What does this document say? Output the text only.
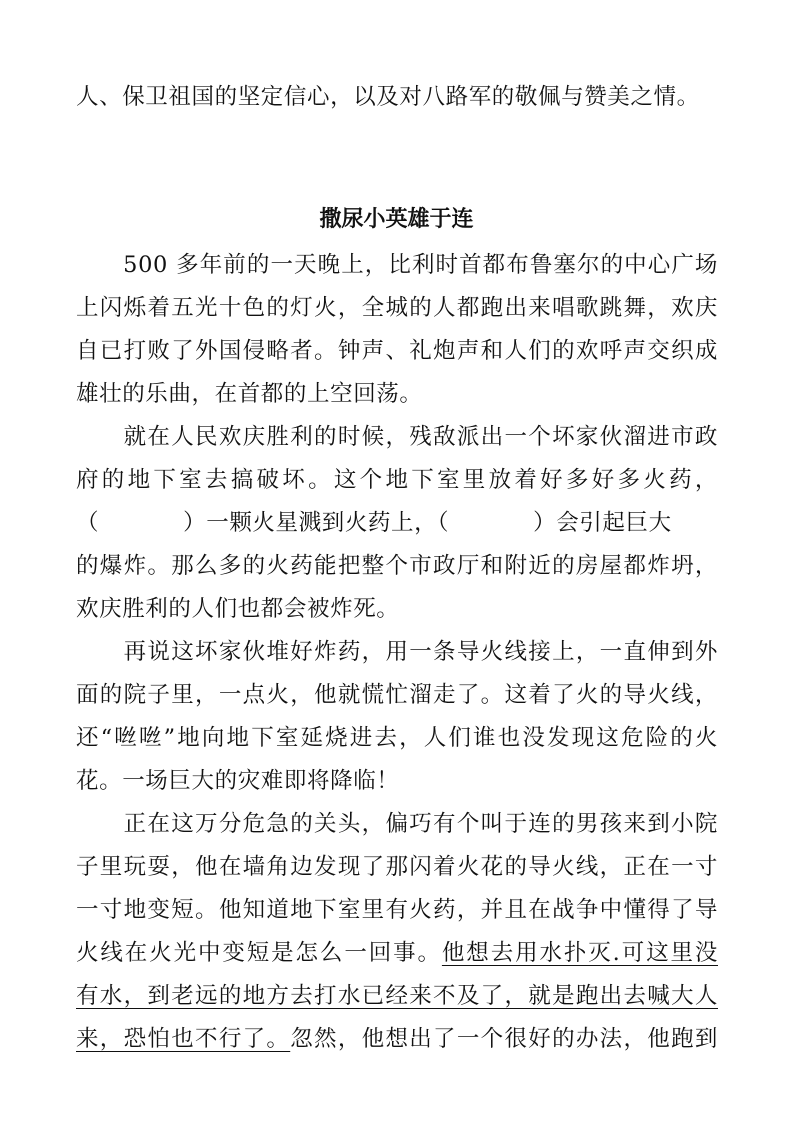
人、保卫祖国的坚定信心，以及对八路军的敬佩与赞美之情。
撒尿小英雄于连
　　500 多年前的一天晚上，比利时首都布鲁塞尔的中心广场
上闪烁着五光十色的灯火，全城的人都跑出来唱歌跳舞，欢庆
自已打败了外国侵略者。钟声、礼炮声和人们的欢呼声交织成
雄壮的乐曲，在首都的上空回荡。
　　就在人民欢庆胜利的时候，残敌派出一个坏家伙溜进市政
府的地下室去搞破坏。这个地下室里放着好多好多火药，
（	）一颗火星溅到火药上，（	）会引起巨大
的爆炸。那么多的火药能把整个市政厅和附近的房屋都炸坍，
欢庆胜利的人们也都会被炸死。
　　再说这坏家伙堆好炸药，用一条导火线接上，一直伸到外
面的院子里，一点火，他就慌忙溜走了。这着了火的导火线，
还“咝咝”地向地下室延烧进去，人们谁也没发现这危险的火
花。一场巨大的灾难即将降临！
　　正在这万分危急的关头，偏巧有个叫于连的男孩来到小院
子里玩耍，他在墙角边发现了那闪着火花的导火线，正在一寸
一寸地变短。他知道地下室里有火药，并且在战争中懂得了导
火线在火光中变短是怎么一回事。他想去用水扑灭.可这里没
有水，到老远的地方去打水已经来不及了，就是跑出去喊大人
来，恐怕也不行了。忽然，他想出了一个很好的办法，他跑到
